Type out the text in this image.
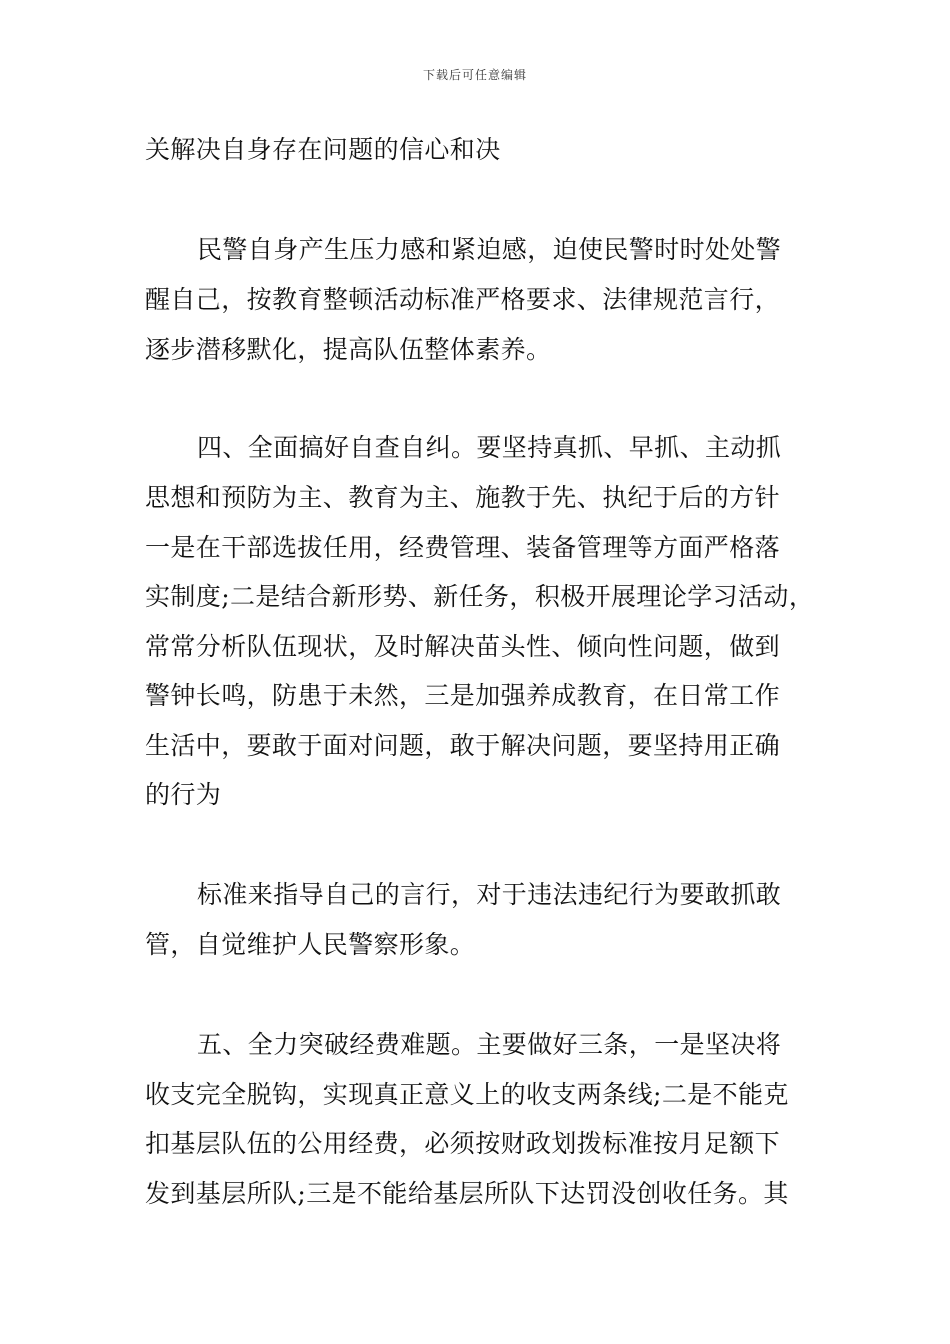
下载后可任意编辑
关解决自身存在问题的信心和决
民警自身产生压力感和紧迫感，迫使民警时时处处警
醒自己，按教育整顿活动标准严格要求、法律规范言行，
逐步潜移默化，提高队伍整体素养。
四、全面搞好自查自纠。要坚持真抓、早抓、主动抓
思想和预防为主、教育为主、施教于先、执纪于后的方针
一是在干部选拔任用，经费管理、装备管理等方面严格落
实制度;二是结合新形势、新任务，积极开展理论学习活动，
常常分析队伍现状，及时解决苗头性、倾向性问题，做到
警钟长鸣，防患于未然，三是加强养成教育，在日常工作
生活中，要敢于面对问题，敢于解决问题，要坚持用正确
的行为
标准来指导自己的言行，对于违法违纪行为要敢抓敢
管，自觉维护人民警察形象。
五、全力突破经费难题。主要做好三条，一是坚决将
收支完全脱钩，实现真正意义上的收支两条线;二是不能克
扣基层队伍的公用经费，必须按财政划拨标准按月足额下
发到基层所队;三是不能给基层所队下达罚没创收任务。其
